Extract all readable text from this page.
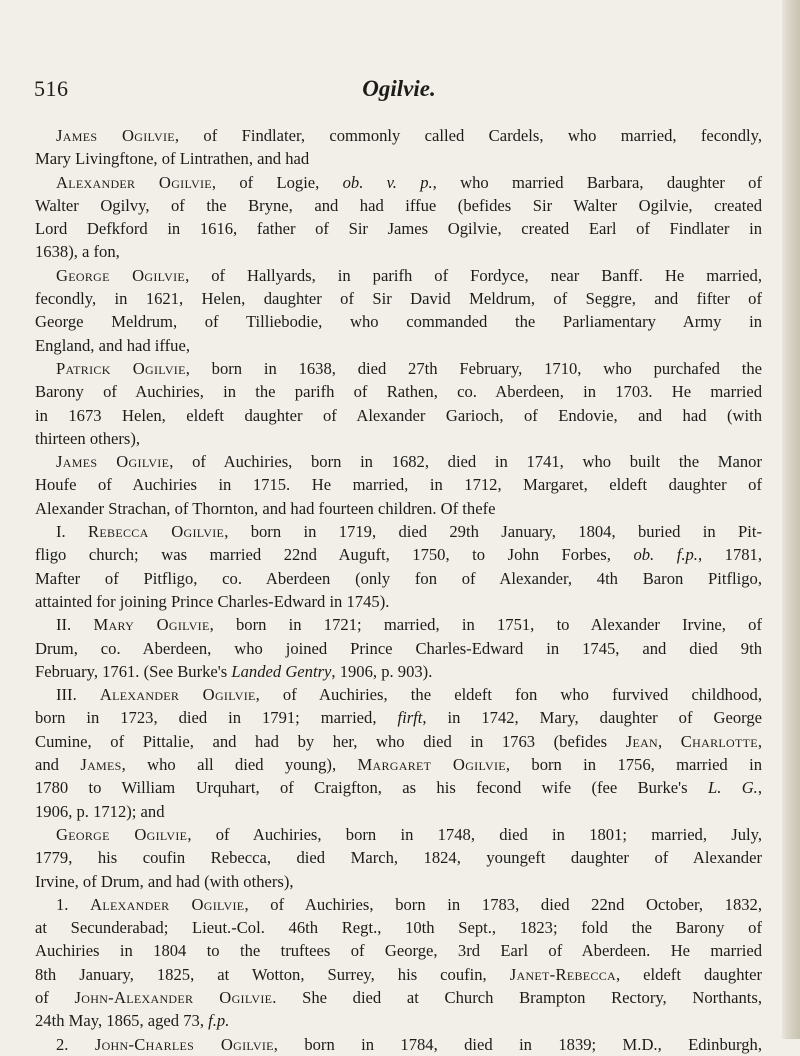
516	Ogilvie.
James Ogilvie, of Findlater, commonly called Cardels, who married, fecondly,
Mary Livingftone, of Lintrathen, and had
Alexander Ogilvie, of Logie, ob. v. p., who married Barbara, daughter of
Walter Ogilvy, of the Bryne, and had iffue (befides Sir Walter Ogilvie, created
Lord Defkford in 1616, father of Sir James Ogilvie, created Earl of Findlater in
1638), a fon,
George Ogilvie, of Hallyards, in parifh of Fordyce, near Banff. He married,
fecondly, in 1621, Helen, daughter of Sir David Meldrum, of Seggre, and fifter of
George Meldrum, of Tilliebodie, who commanded the Parliamentary Army in
England, and had iffue,
Patrick Ogilvie, born in 1638, died 27th February, 1710, who purchafed the
Barony of Auchiries, in the parifh of Rathen, co. Aberdeen, in 1703. He married
in 1673 Helen, eldeft daughter of Alexander Garioch, of Endovie, and had (with
thirteen others),
James Ogilvie, of Auchiries, born in 1682, died in 1741, who built the Manor
Houfe of Auchiries in 1715. He married, in 1712, Margaret, eldeft daughter of
Alexander Strachan, of Thornton, and had fourteen children. Of thefe
I. Rebecca Ogilvie, born in 1719, died 29th January, 1804, buried in Pit-
fligo church; was married 22nd Auguft, 1750, to John Forbes, ob. f.p., 1781,
Mafter of Pitfligo, co. Aberdeen (only fon of Alexander, 4th Baron Pitfligo,
attainted for joining Prince Charles-Edward in 1745).
II. Mary Ogilvie, born in 1721; married, in 1751, to Alexander Irvine, of
Drum, co. Aberdeen, who joined Prince Charles-Edward in 1745, and died 9th
February, 1761. (See Burke's Landed Gentry, 1906, p. 903).
III. Alexander Ogilvie, of Auchiries, the eldeft fon who furvived childhood,
born in 1723, died in 1791; married, firft, in 1742, Mary, daughter of George
Cumine, of Pittalie, and had by her, who died in 1763 (befides Jean, Charlotte,
and James, who all died young), Margaret Ogilvie, born in 1756, married in
1780 to William Urquhart, of Craigfton, as his fecond wife (fee Burke's L. G.,
1906, p. 1712); and
George Ogilvie, of Auchiries, born in 1748, died in 1801; married, July,
1779, his coufin Rebecca, died March, 1824, youngeft daughter of Alexander
Irvine, of Drum, and had (with others),
1. Alexander Ogilvie, of Auchiries, born in 1783, died 22nd October, 1832,
at Secunderabad; Lieut.-Col. 46th Regt., 10th Sept., 1823; fold the Barony of
Auchiries in 1804 to the truftees of George, 3rd Earl of Aberdeen. He married
8th January, 1825, at Wotton, Surrey, his coufin, Janet-Rebecca, eldeft daughter
of John-Alexander Ogilvie. She died at Church Brampton Rectory, Northants,
24th May, 1865, aged 73, f.p.
2. John-Charles Ogilvie, born in 1784, died in 1839; M.D., Edinburgh,
